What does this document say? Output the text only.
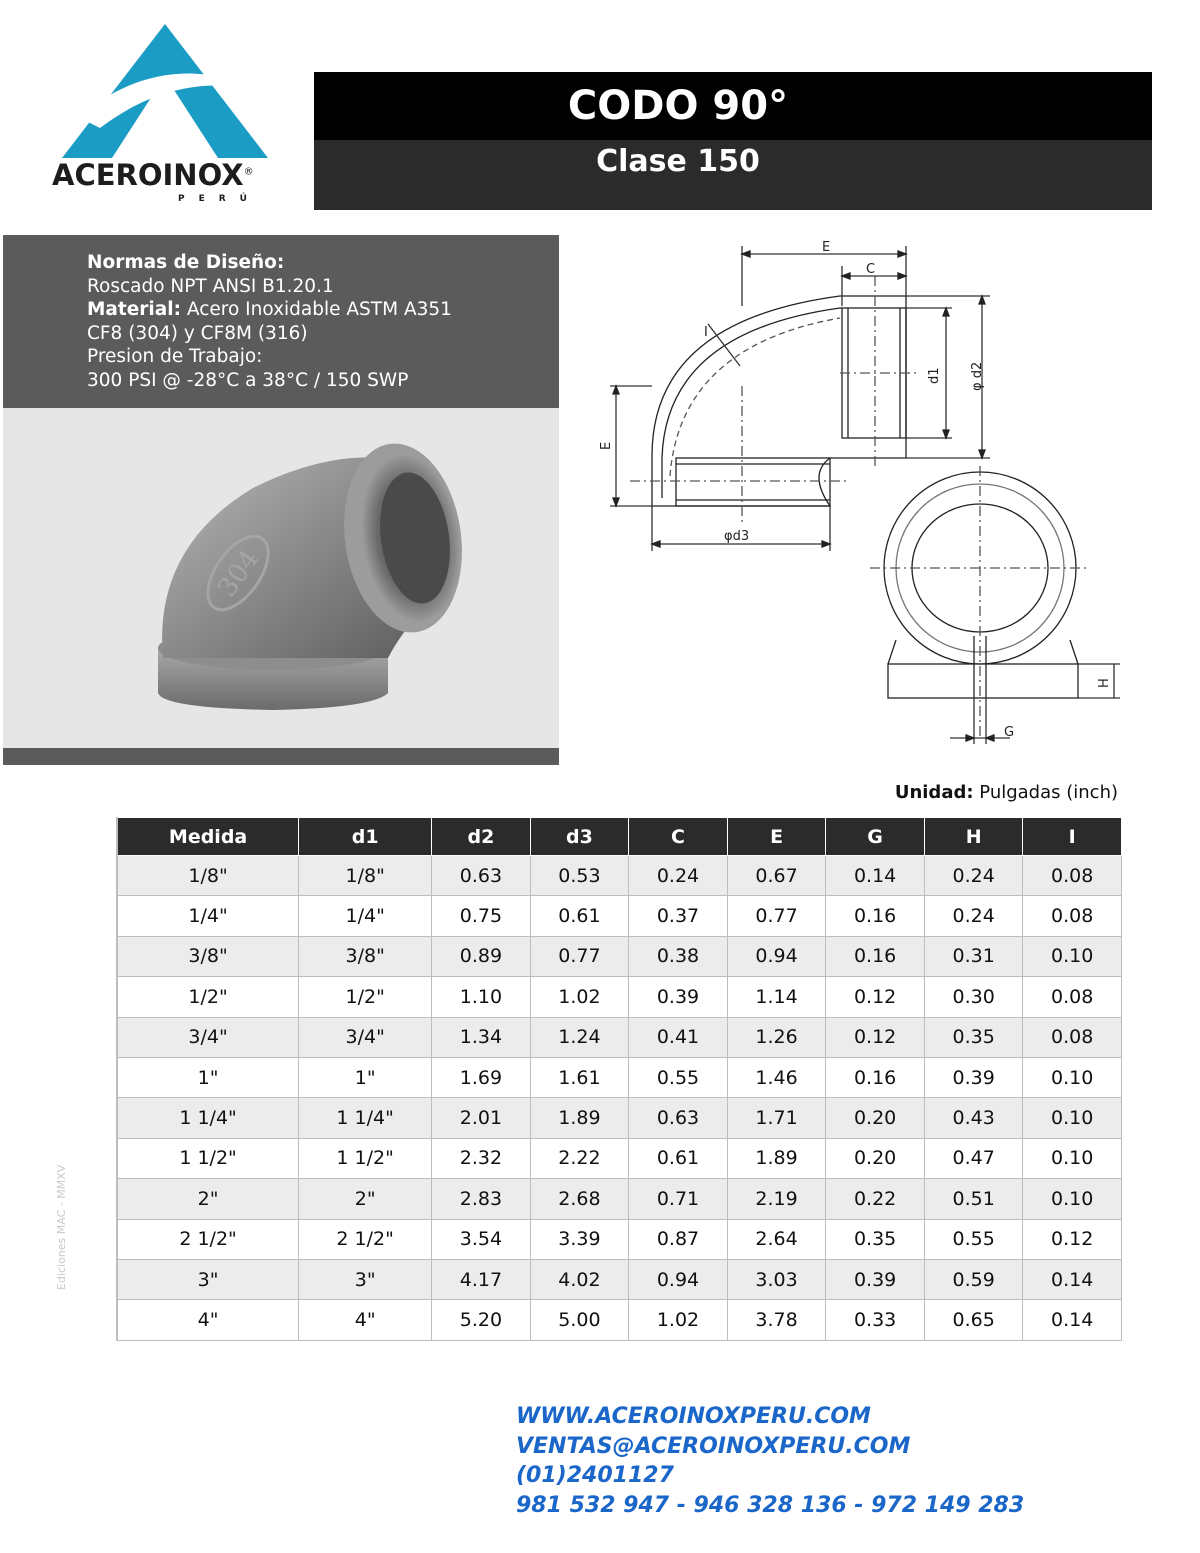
ACEROINOX®
PERÚ
CODO 90°
Clase 150
Normas de Diseño:
Roscado NPT ANSI B1.20.1
Material: Acero Inoxidable ASTM A351
CF8 (304) y CF8M (316)
Presion de Trabajo:
300 PSI @ -28°C a 38°C / 150 SWP
304
E
C
I
d1 φ d2
E
φd3
H
G
Unidad: Pulgadas (inch)
Medida	d1	d2	d3	C	E	G	H	I
1/8"	1/8"	0.63	0.53	0.24	0.67	0.14	0.24	0.08
1/4"	1/4"	0.75	0.61	0.37	0.77	0.16	0.24	0.08
3/8"	3/8"	0.89	0.77	0.38	0.94	0.16	0.31	0.10
1/2"	1/2"	1.10	1.02	0.39	1.14	0.12	0.30	0.08
3/4"	3/4"	1.34	1.24	0.41	1.26	0.12	0.35	0.08
1"	1"	1.69	1.61	0.55	1.46	0.16	0.39	0.10
1 1/4"	1 1/4"	2.01	1.89	0.63	1.71	0.20	0.43	0.10
1 1/2"	1 1/2"	2.32	2.22	0.61	1.89	0.20	0.47	0.10
2"	2"	2.83	2.68	0.71	2.19	0.22	0.51	0.10
2 1/2"	2 1/2"	3.54	3.39	0.87	2.64	0.35	0.55	0.12
3"	3"	4.17	4.02	0.94	3.03	0.39	0.59	0.14
4"	4"	5.20	5.00	1.02	3.78	0.33	0.65	0.14
Ediciones MAC - MMXV
WWW.ACEROINOXPERU.COM
VENTAS@ACEROINOXPERU.COM
(01)2401127
981 532 947 - 946 328 136 - 972 149 283
